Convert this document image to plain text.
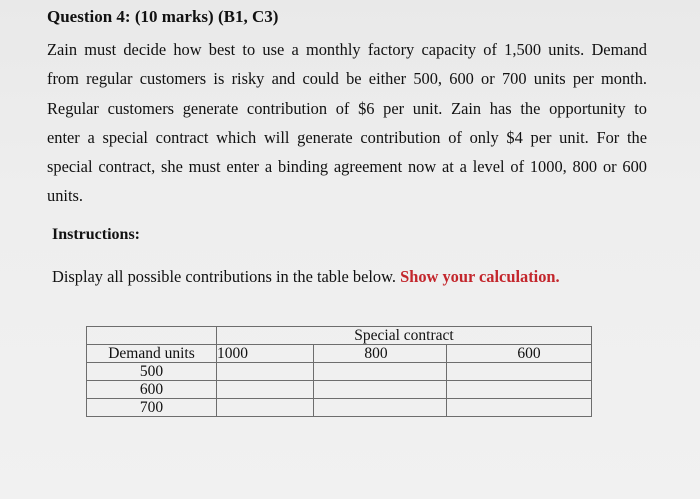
Question 4: (10 marks) (B1, C3)
Zain must decide how best to use a monthly factory capacity of 1,500 units. Demand
from regular customers is risky and could be either 500, 600 or 700 units per month.
Regular customers generate contribution of $6 per unit. Zain has the opportunity to
enter a special contract which will generate contribution of only $4 per unit. For the
special contract, she must enter a binding agreement now at a level of 1000, 800 or 600
units.
Instructions:
Display all possible contributions in the table below. Show your calculation.
	Special contract		
Demand units	1000	800	600
500			
600			
700			
